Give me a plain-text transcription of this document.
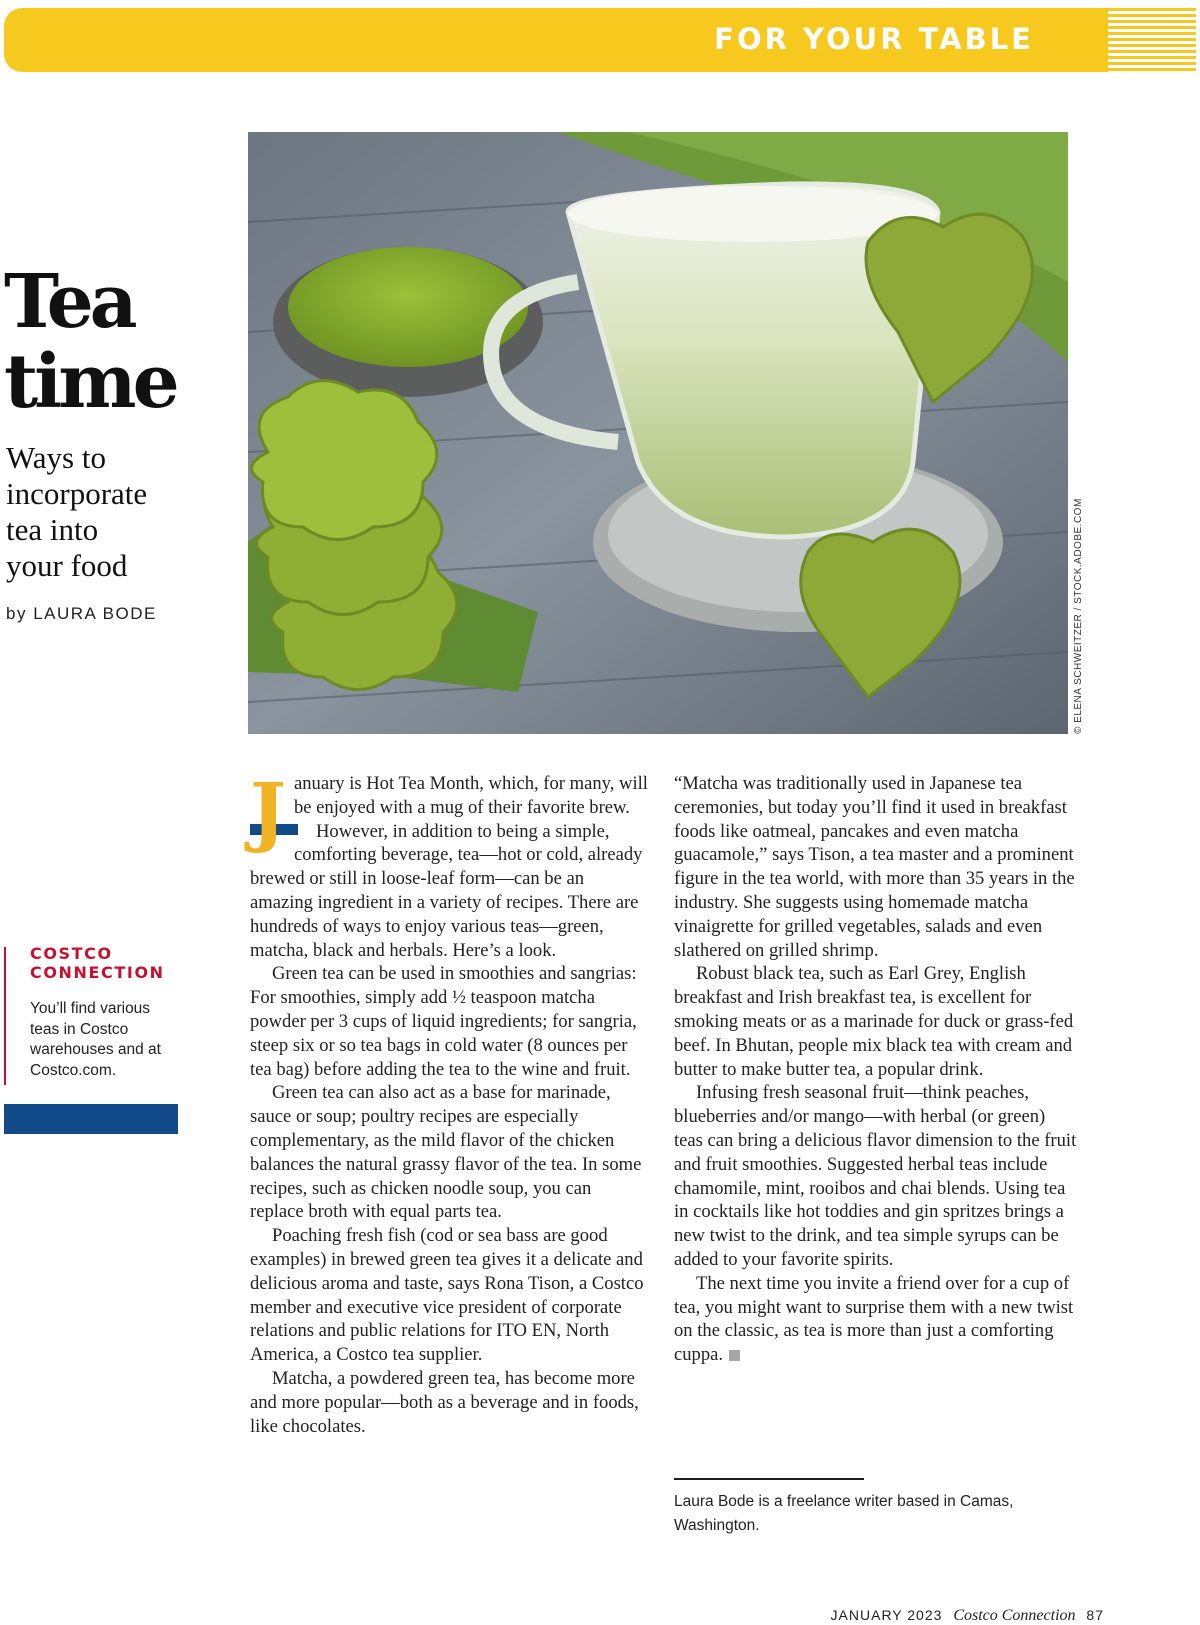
FOR YOUR TABLE
Tea
time
Ways to
incorporate
tea into
your food
by LAURA BODE	© ELENA SCHWEITZER / STOCK.ADOBE.COM
COSTCO
CONNECTION
You’ll find various teas in Costco warehouses and at Costco.com.
J anuary is Hot Tea Month, which, for many, will be enjoyed with a mug of their favorite brew.

However, in addition to being a simple, comforting beverage, tea—hot or cold, already brewed or still in loose-leaf form—can be an amazing ingredient in a variety of recipes. There are hundreds of ways to enjoy various teas—green, matcha, black and herbals. Here’s a look.

Green tea can be used in smoothies and sangrias: For smoothies, simply add ½ teaspoon matcha powder per 3 cups of liquid ingredients; for sangria, steep six or so tea bags in cold water (8 ounces per tea bag) before adding the tea to the wine and fruit.

Green tea can also act as a base for marinade, sauce or soup; poultry recipes are especially complementary, as the mild flavor of the chicken balances the natural grassy flavor of the tea. In some recipes, such as chicken noodle soup, you can replace broth with equal parts tea.

Poaching fresh fish (cod or sea bass are good examples) in brewed green tea gives it a delicate and delicious aroma and taste, says Rona Tison, a Costco member and executive vice president of corporate relations and public relations for ITO EN, North America, a Costco tea supplier.

Matcha, a powdered green tea, has become more and more popular—both as a beverage and in foods, like chocolates.

“Matcha was traditionally used in Japanese tea ceremonies, but today you’ll find it used in breakfast foods like oatmeal, pancakes and even matcha guacamole,” says Tison, a tea master and a prominent figure in the tea world, with more than 35 years in the industry. She suggests using homemade matcha vinaigrette for grilled vegetables, salads and even slathered on grilled shrimp.

Robust black tea, such as Earl Grey, English breakfast and Irish breakfast tea, is excellent for smoking meats or as a marinade for duck or grass-fed beef. In Bhutan, people mix black tea with cream and butter to make butter tea, a popular drink.

Infusing fresh seasonal fruit—think peaches, blueberries and/or mango—with herbal (or green) teas can bring a delicious flavor dimension to the fruit and fruit smoothies. Suggested herbal teas include chamomile, mint, rooibos and chai blends. Using tea in cocktails like hot toddies and gin spritzes brings a new twist to the drink, and tea simple syrups can be added to your favorite spirits.

The next time you invite a friend over for a cup of tea, you might want to surprise them with a new twist on the classic, as tea is more than just a comforting cuppa.

Laura Bode is a freelance writer based in Camas, Washington.
JANUARY 2023 Costco Connection 87
